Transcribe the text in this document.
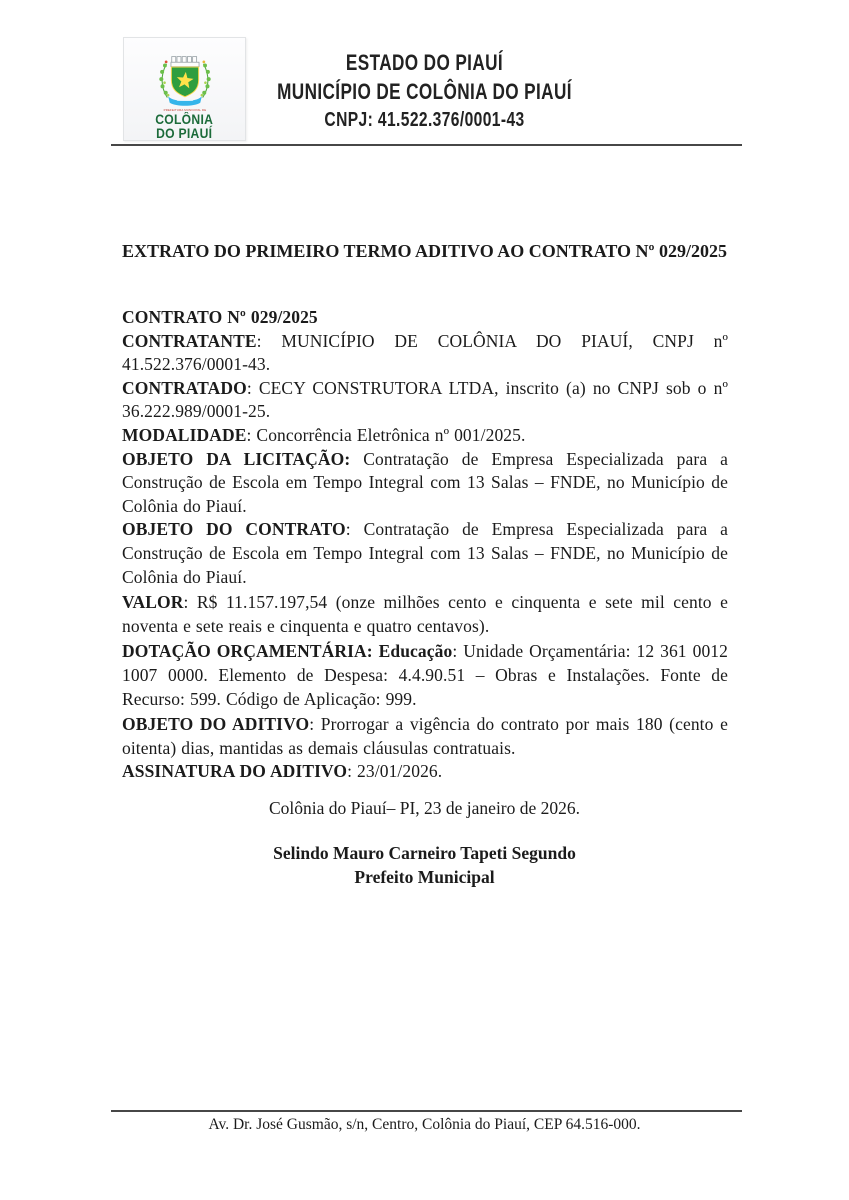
PREFEITURA MUNICIPAL DE
COLÔNIA
DO PIAUÍ
ESTADO DO PIAUÍ
MUNICÍPIO DE COLÔNIA DO PIAUÍ
CNPJ: 41.522.376/0001-43
EXTRATO DO PRIMEIRO TERMO ADITIVO AO CONTRATO Nº 029/2025

CONTRATO Nº 029/2025

CONTRATANTE: MUNICÍPIO DE COLÔNIA DO PIAUÍ, CNPJ nº 41.522.376/0001-43.

CONTRATADO: CECY CONSTRUTORA LTDA, inscrito (a) no CNPJ sob o nº 36.222.989/0001-25.

MODALIDADE: Concorrência Eletrônica nº 001/2025.

OBJETO DA LICITAÇÃO: Contratação de Empresa Especializada para a Construção de Escola em Tempo Integral com 13 Salas – FNDE, no Município de Colônia do Piauí.

OBJETO DO CONTRATO: Contratação de Empresa Especializada para a Construção de Escola em Tempo Integral com 13 Salas – FNDE, no Município de Colônia do Piauí.

VALOR: R$ 11.157.197,54 (onze milhões cento e cinquenta e sete mil cento e noventa e sete reais e cinquenta e quatro centavos).

DOTAÇÃO ORÇAMENTÁRIA: Educação: Unidade Orçamentária: 12 361 0012 1007 0000. Elemento de Despesa: 4.4.90.51 – Obras e Instalações. Fonte de Recurso: 599. Código de Aplicação: 999.

OBJETO DO ADITIVO: Prorrogar a vigência do contrato por mais 180 (cento e oitenta) dias, mantidas as demais cláusulas contratuais.

ASSINATURA DO ADITIVO: 23/01/2026.

Colônia do Piauí– PI, 23 de janeiro de 2026.

Selindo Mauro Carneiro Tapeti Segundo
Prefeito Municipal

Av. Dr. José Gusmão, s/n, Centro, Colônia do Piauí, CEP 64.516-000.
